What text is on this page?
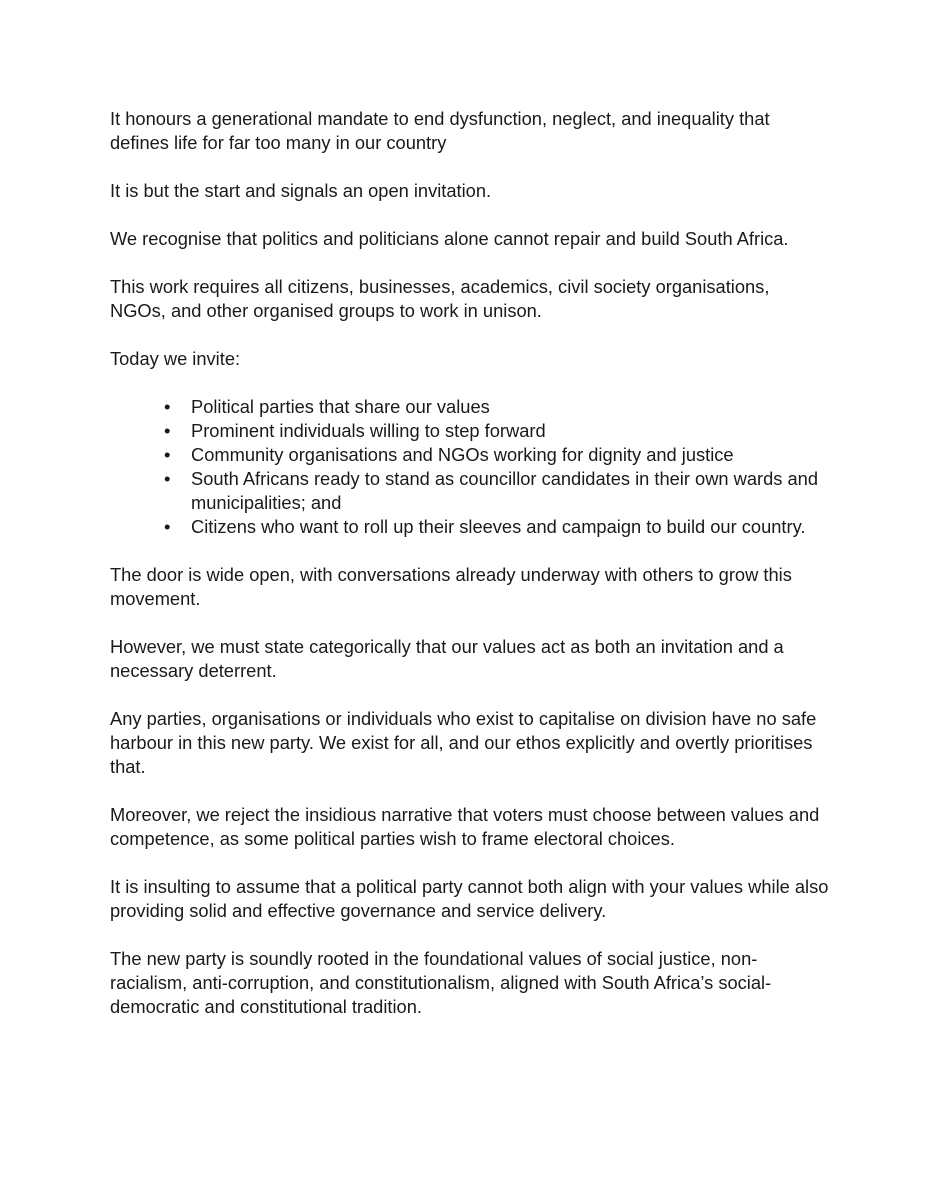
It honours a generational mandate to end dysfunction, neglect, and inequality that defines life for far too many in our country

It is but the start and signals an open invitation.

We recognise that politics and politicians alone cannot repair and build South Africa.

This work requires all citizens, businesses, academics, civil society organisations, NGOs, and other organised groups to work in unison.

Today we invite:

• Political parties that share our values
• Prominent individuals willing to step forward
• Community organisations and NGOs working for dignity and justice
• South Africans ready to stand as councillor candidates in their own wards and municipalities; and
• Citizens who want to roll up their sleeves and campaign to build our country.

The door is wide open, with conversations already underway with others to grow this movement.

However, we must state categorically that our values act as both an invitation and a necessary deterrent.

Any parties, organisations or individuals who exist to capitalise on division have no safe harbour in this new party. We exist for all, and our ethos explicitly and overtly prioritises that.

Moreover, we reject the insidious narrative that voters must choose between values and competence, as some political parties wish to frame electoral choices.

It is insulting to assume that a political party cannot both align with your values while also providing solid and effective governance and service delivery.

The new party is soundly rooted in the foundational values of social justice, non-racialism, anti-corruption, and constitutionalism, aligned with South Africa’s social-democratic and constitutional tradition.
